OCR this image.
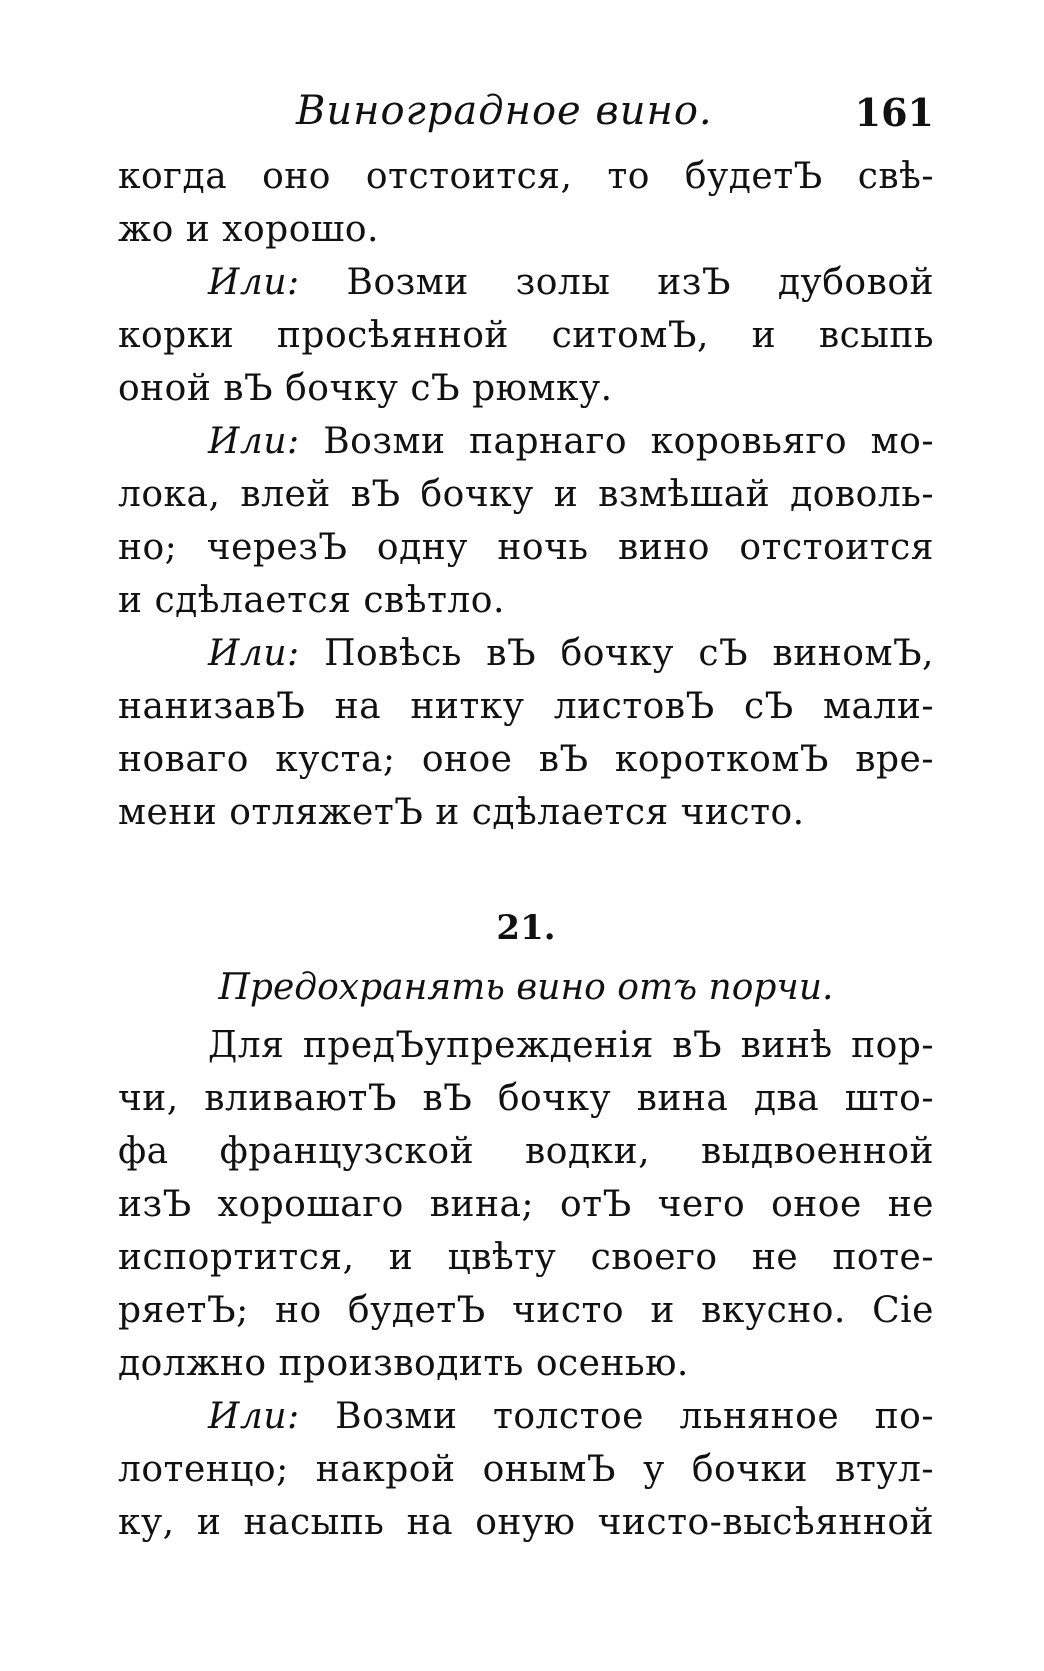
Виноградное вино.	161
когда оно отстоится, то будетЪ свѣ-
жо и хорошо.
Или: Возми золы изЪ дубовой
корки просѣянной ситомЪ, и всыпь
оной вЪ бочку сЪ рюмку.
Или: Возми парнаго коровьяго мо-
лока, влей вЪ бочку и взмѣшай доволь-
но; черезЪ одну ночь вино отстоится
и сдѣлается свѣтло.
Или: Повѣсь вЪ бочку сЪ виномЪ,
нанизавЪ на нитку листовЪ сЪ мали-
новаго куста; оное вЪ короткомЪ вре-
мени отляжетЪ и сдѣлается чисто.
21.
Предохранять вино отъ порчи.
Для предЪупрежденія вЪ винѣ пор-
чи, вливаютЪ вЪ бочку вина два што-
фа французской водки, выдвоенной
изЪ хорошаго вина; отЪ чего оное не
испортится, и цвѣту своего не поте-
ряетЪ; но будетЪ чисто и вкусно. Сіе
должно производить осенью.
Или: Возми толстое льняное по-
лотенцо; накрой онымЪ у бочки втул-
ку, и насыпь на оную чисто-высѣянной
